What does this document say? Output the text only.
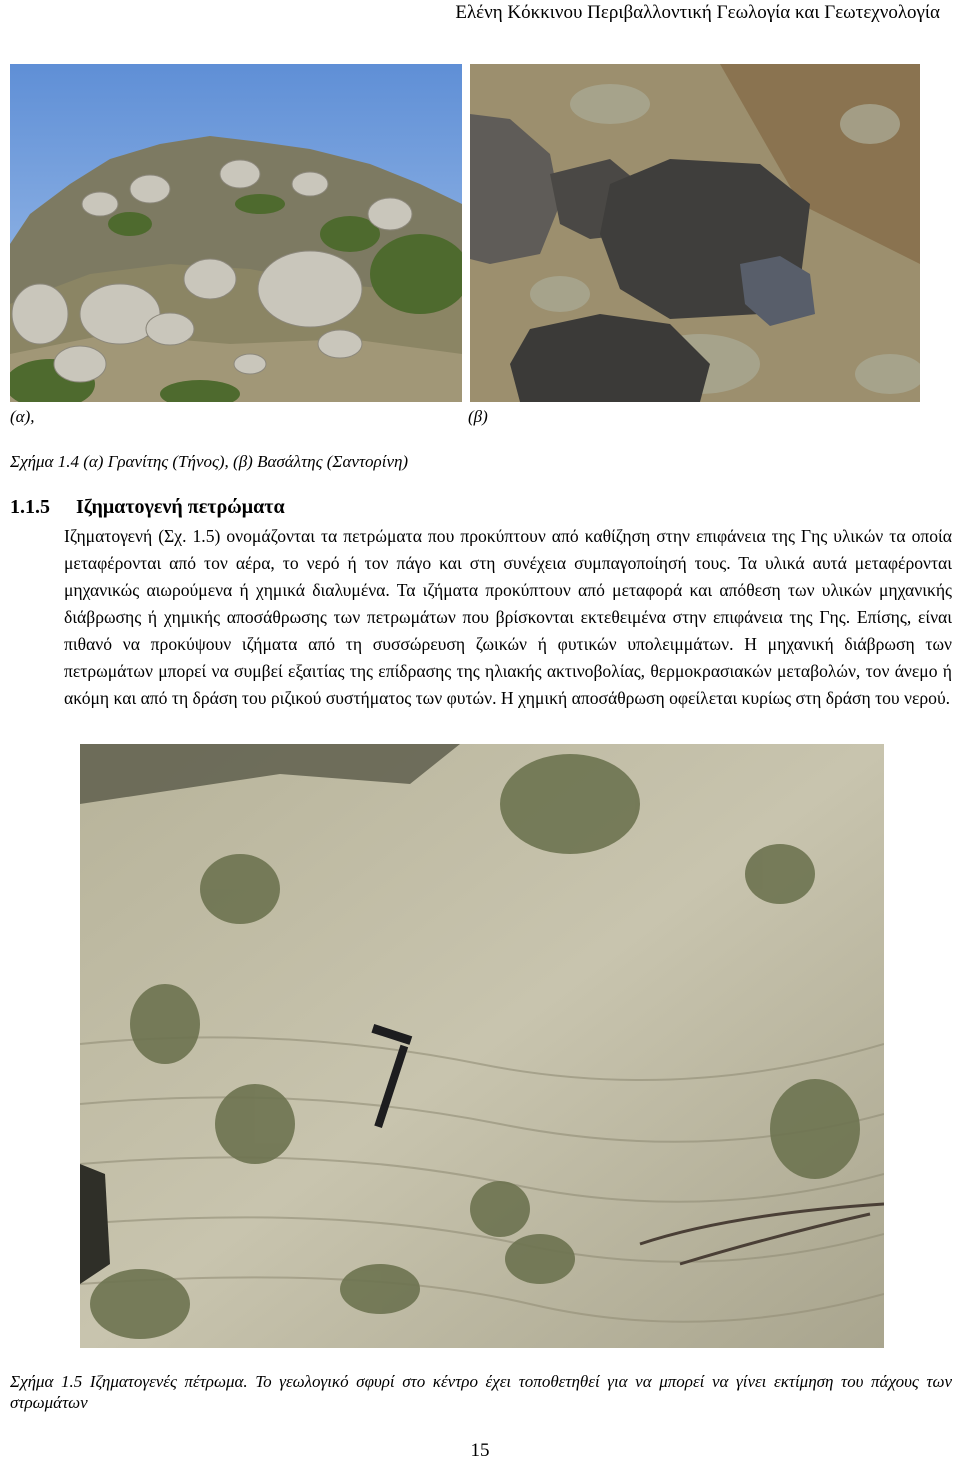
Ελένη Κόκκινου Περιβαλλοντική Γεωλογία και Γεωτεχνολογία
(α),	(β)
Σχήμα 1.4 (α) Γρανίτης (Τήνος), (β) Βασάλτης (Σαντορίνη)
1.1.5 Ιζηματογενή πετρώματα
Ιζηματογενή (Σχ. 1.5) ονομάζονται τα πετρώματα που προκύπτουν από καθίζηση στην επιφάνεια της Γης υλικών τα οποία μεταφέρονται από τον αέρα, το νερό ή τον πάγο και στη συνέχεια συμπαγοποίησή τους. Τα υλικά αυτά μεταφέρονται μηχανικώς αιωρούμενα ή χημικά διαλυμένα. Τα ιζήματα προκύπτουν από μεταφορά και απόθεση των υλικών μηχανικής διάβρωσης ή χημικής αποσάθρωσης των πετρωμάτων που βρίσκονται εκτεθειμένα στην επιφάνεια της Γης. Επίσης, είναι πιθανό να προκύψουν ιζήματα από τη συσσώρευση ζωικών ή φυτικών υπολειμμάτων. Η μηχανική διάβρωση των πετρωμάτων μπορεί να συμβεί εξαιτίας της επίδρασης της ηλιακής ακτινοβολίας, θερμοκρασιακών μεταβολών, τον άνεμο ή ακόμη και από τη δράση του ριζικού συστήματος των φυτών. Η χημική αποσάθρωση οφείλεται κυρίως στη δράση του νερού.
Σχήμα 1.5 Ιζηματογενές πέτρωμα. Το γεωλογικό σφυρί στο κέντρο έχει τοποθετηθεί για να μπορεί να γίνει εκτίμηση του πάχους των στρωμάτων
15
